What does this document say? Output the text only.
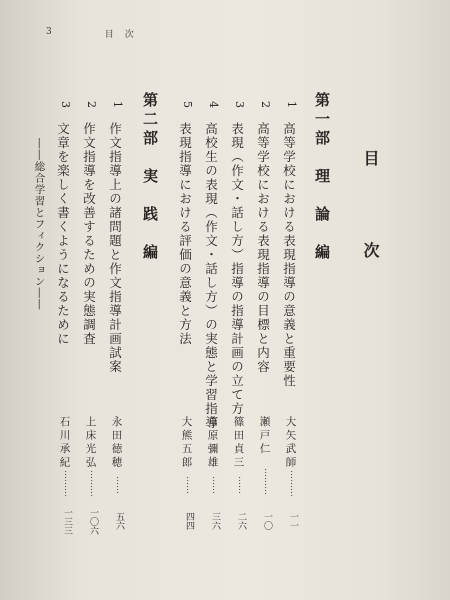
3	目　次
目　次
第一部　理　論　編
1
高等学校における表現指導の意義と重要性
大矢武師
………
一一
2
高等学校における表現指導の目標と内容
瀬戸仁
………
一〇
3
表現（作文・話し方）指導の指導計画の立て方
篠田貞三
……
二六
4
高校生の表現（作文・話し方）の実態と学習指導
市原彌雄
……
三六
5
表現指導における評価の意義と方法
大熊五郎
……
四四
第二部　実　践　編
1
作文指導上の諸問題と作文指導計画試案
永田徳穂
……
五六
2
作文指導を改善するための実態調査
上床光弘
………
一〇六
3
文章を楽しく書くようになるために
――総合学習とフィクション――
石川承紀
………
一三三
